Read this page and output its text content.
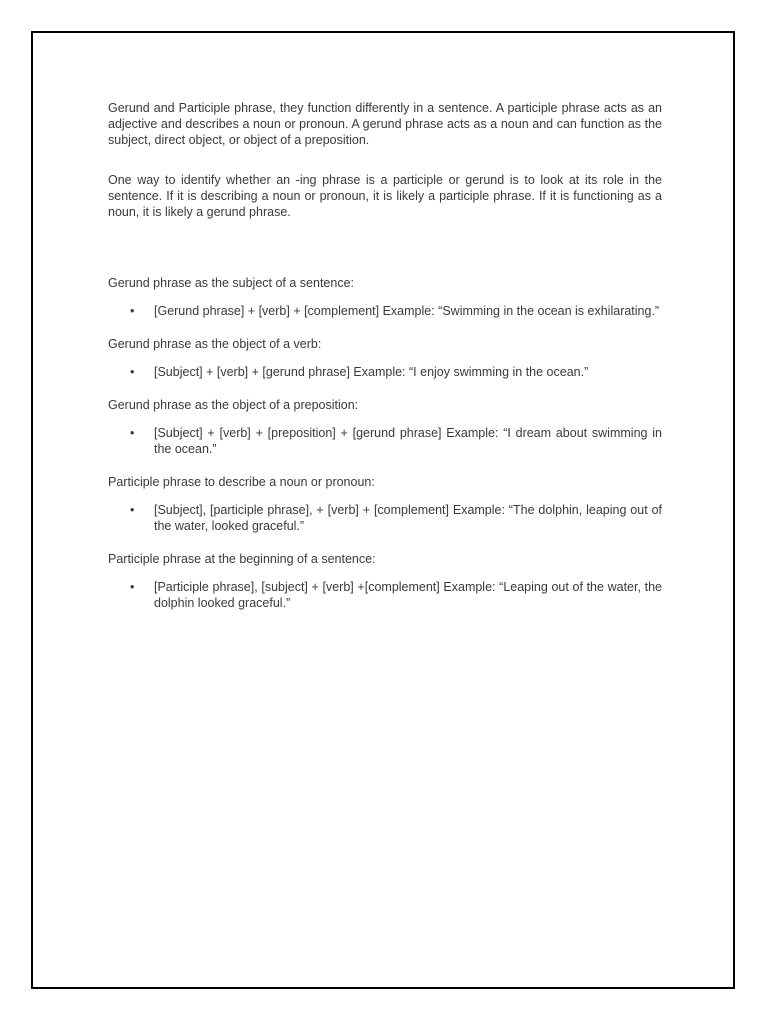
Gerund and Participle phrase, they function differently in a sentence. A participle phrase acts as an adjective and describes a noun or pronoun. A gerund phrase acts as a noun and can function as the subject, direct object, or object of a preposition.

One way to identify whether an -ing phrase is a participle or gerund is to look at its role in the sentence. If it is describing a noun or pronoun, it is likely a participle phrase. If it is functioning as a noun, it is likely a gerund phrase.

Gerund phrase as the subject of a sentence:

• [Gerund phrase] + [verb] + [complement] Example: “Swimming in the ocean is exhilarating.”

Gerund phrase as the object of a verb:

• [Subject] + [verb] + [gerund phrase] Example: “I enjoy swimming in the ocean.”

Gerund phrase as the object of a preposition:

• [Subject] + [verb] + [preposition] + [gerund phrase] Example: “I dream about swimming in the ocean.”

Participle phrase to describe a noun or pronoun:

• [Subject], [participle phrase], + [verb] + [complement] Example: “The dolphin, leaping out of the water, looked graceful.”

Participle phrase at the beginning of a sentence:

• [Participle phrase], [subject] + [verb] +[complement] Example: “Leaping out of the water, the dolphin looked graceful.”
